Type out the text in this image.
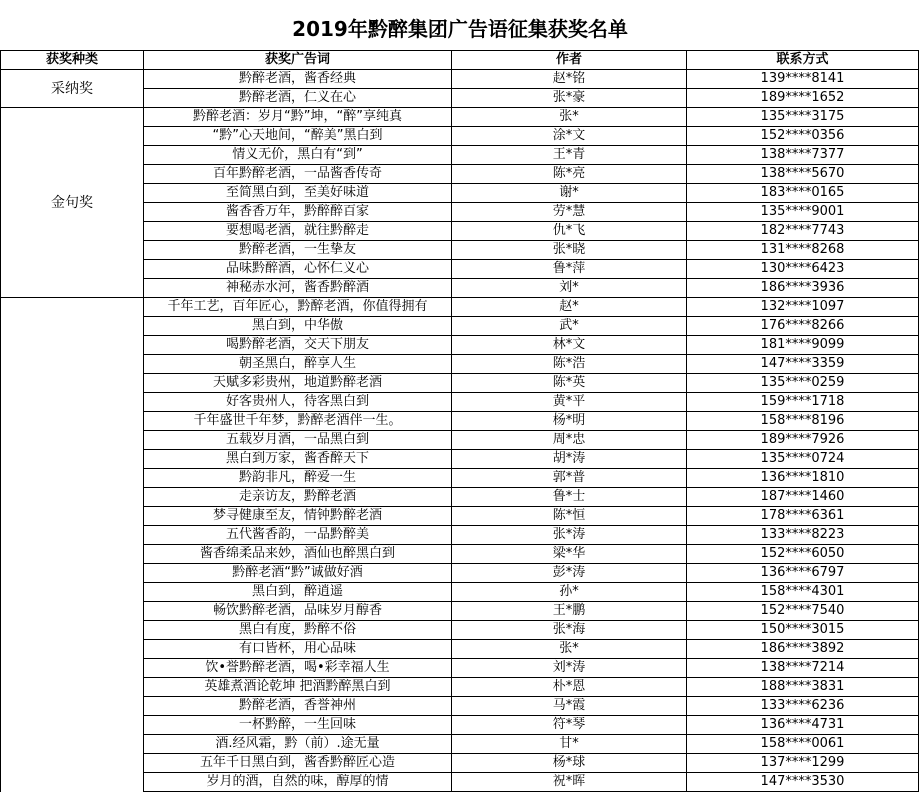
2019年黔醉集团广告语征集获奖名单
获奖种类	获奖广告词	作者	联系方式
采纳奖	黔醉老酒，酱香经典	赵*铭	139****8141
	黔醉老酒，仁义在心	张*豪	189****1652
金句奖	黔醉老酒：岁月“黔”坤，“醉”享纯真	张*	135****3175
	“黔”心天地间，“醉美”黑白到	涂*文	152****0356
	情义无价，黑白有“到”	王*青	138****7377
	百年黔醉老酒，一品酱香传奇	陈*亮	138****5670
	至简黑白到，至美好味道	谢*	183****0165
	酱香香万年，黔醉醉百家	劳*慧	135****9001
	要想喝老酒，就往黔醉走	仇*飞	182****7743
	黔醉老酒，一生挚友	张*晓	131****8268
	品味黔醉酒，心怀仁义心	鲁*萍	130****6423
	神秘赤水河，酱香黔醉酒	刘*	186****3936
	千年工艺，百年匠心，黔醉老酒，你值得拥有	赵*	132****1097
	黑白到，中华傲	武*	176****8266
	喝黔醉老酒，交天下朋友	林*文	181****9099
	朝圣黑白，醉享人生	陈*浩	147****3359
	天赋多彩贵州，地道黔醉老酒	陈*英	135****0259
	好客贵州人，待客黑白到	黄*平	159****1718
	千年盛世千年梦，黔醉老酒伴一生。	杨*明	158****8196
	五载岁月酒，一品黑白到	周*忠	189****7926
	黑白到万家，酱香醉天下	胡*涛	135****0724
	黔韵非凡，醉爱一生	郭*普	136****1810
	走亲访友，黔醉老酒	鲁*士	187****1460
	梦寻健康至友，情钟黔醉老酒	陈*恒	178****6361
	五代酱香韵，一品黔醉美	张*涛	133****8223
	酱香绵柔品来妙，酒仙也醉黑白到	梁*华	152****6050
	黔醉老酒“黔”诚做好酒	彭*涛	136****6797
	黑白到，醉逍遥	孙*	158****4301
	畅饮黔醉老酒，品味岁月醇香	王*鹏	152****7540
	黑白有度，黔醉不俗	张*海	150****3015
	有口皆杯，用心品味	张*	186****3892
	饮•誉黔醉老酒，喝•彩幸福人生	刘*涛	138****7214
	英雄煮酒论乾坤 把酒黔醉黑白到	朴*恩	188****3831
	黔醉老酒，香誉神州	马*霞	133****6236
	一杯黔醉，一生回味	符*琴	136****4731
	酒.经风霜，黔（前）.途无量	甘*	158****0061
	五年千日黑白到，酱香黔醉匠心造	杨*球	137****1299
	岁月的酒，自然的味，醇厚的情	祝*晖	147****3530
